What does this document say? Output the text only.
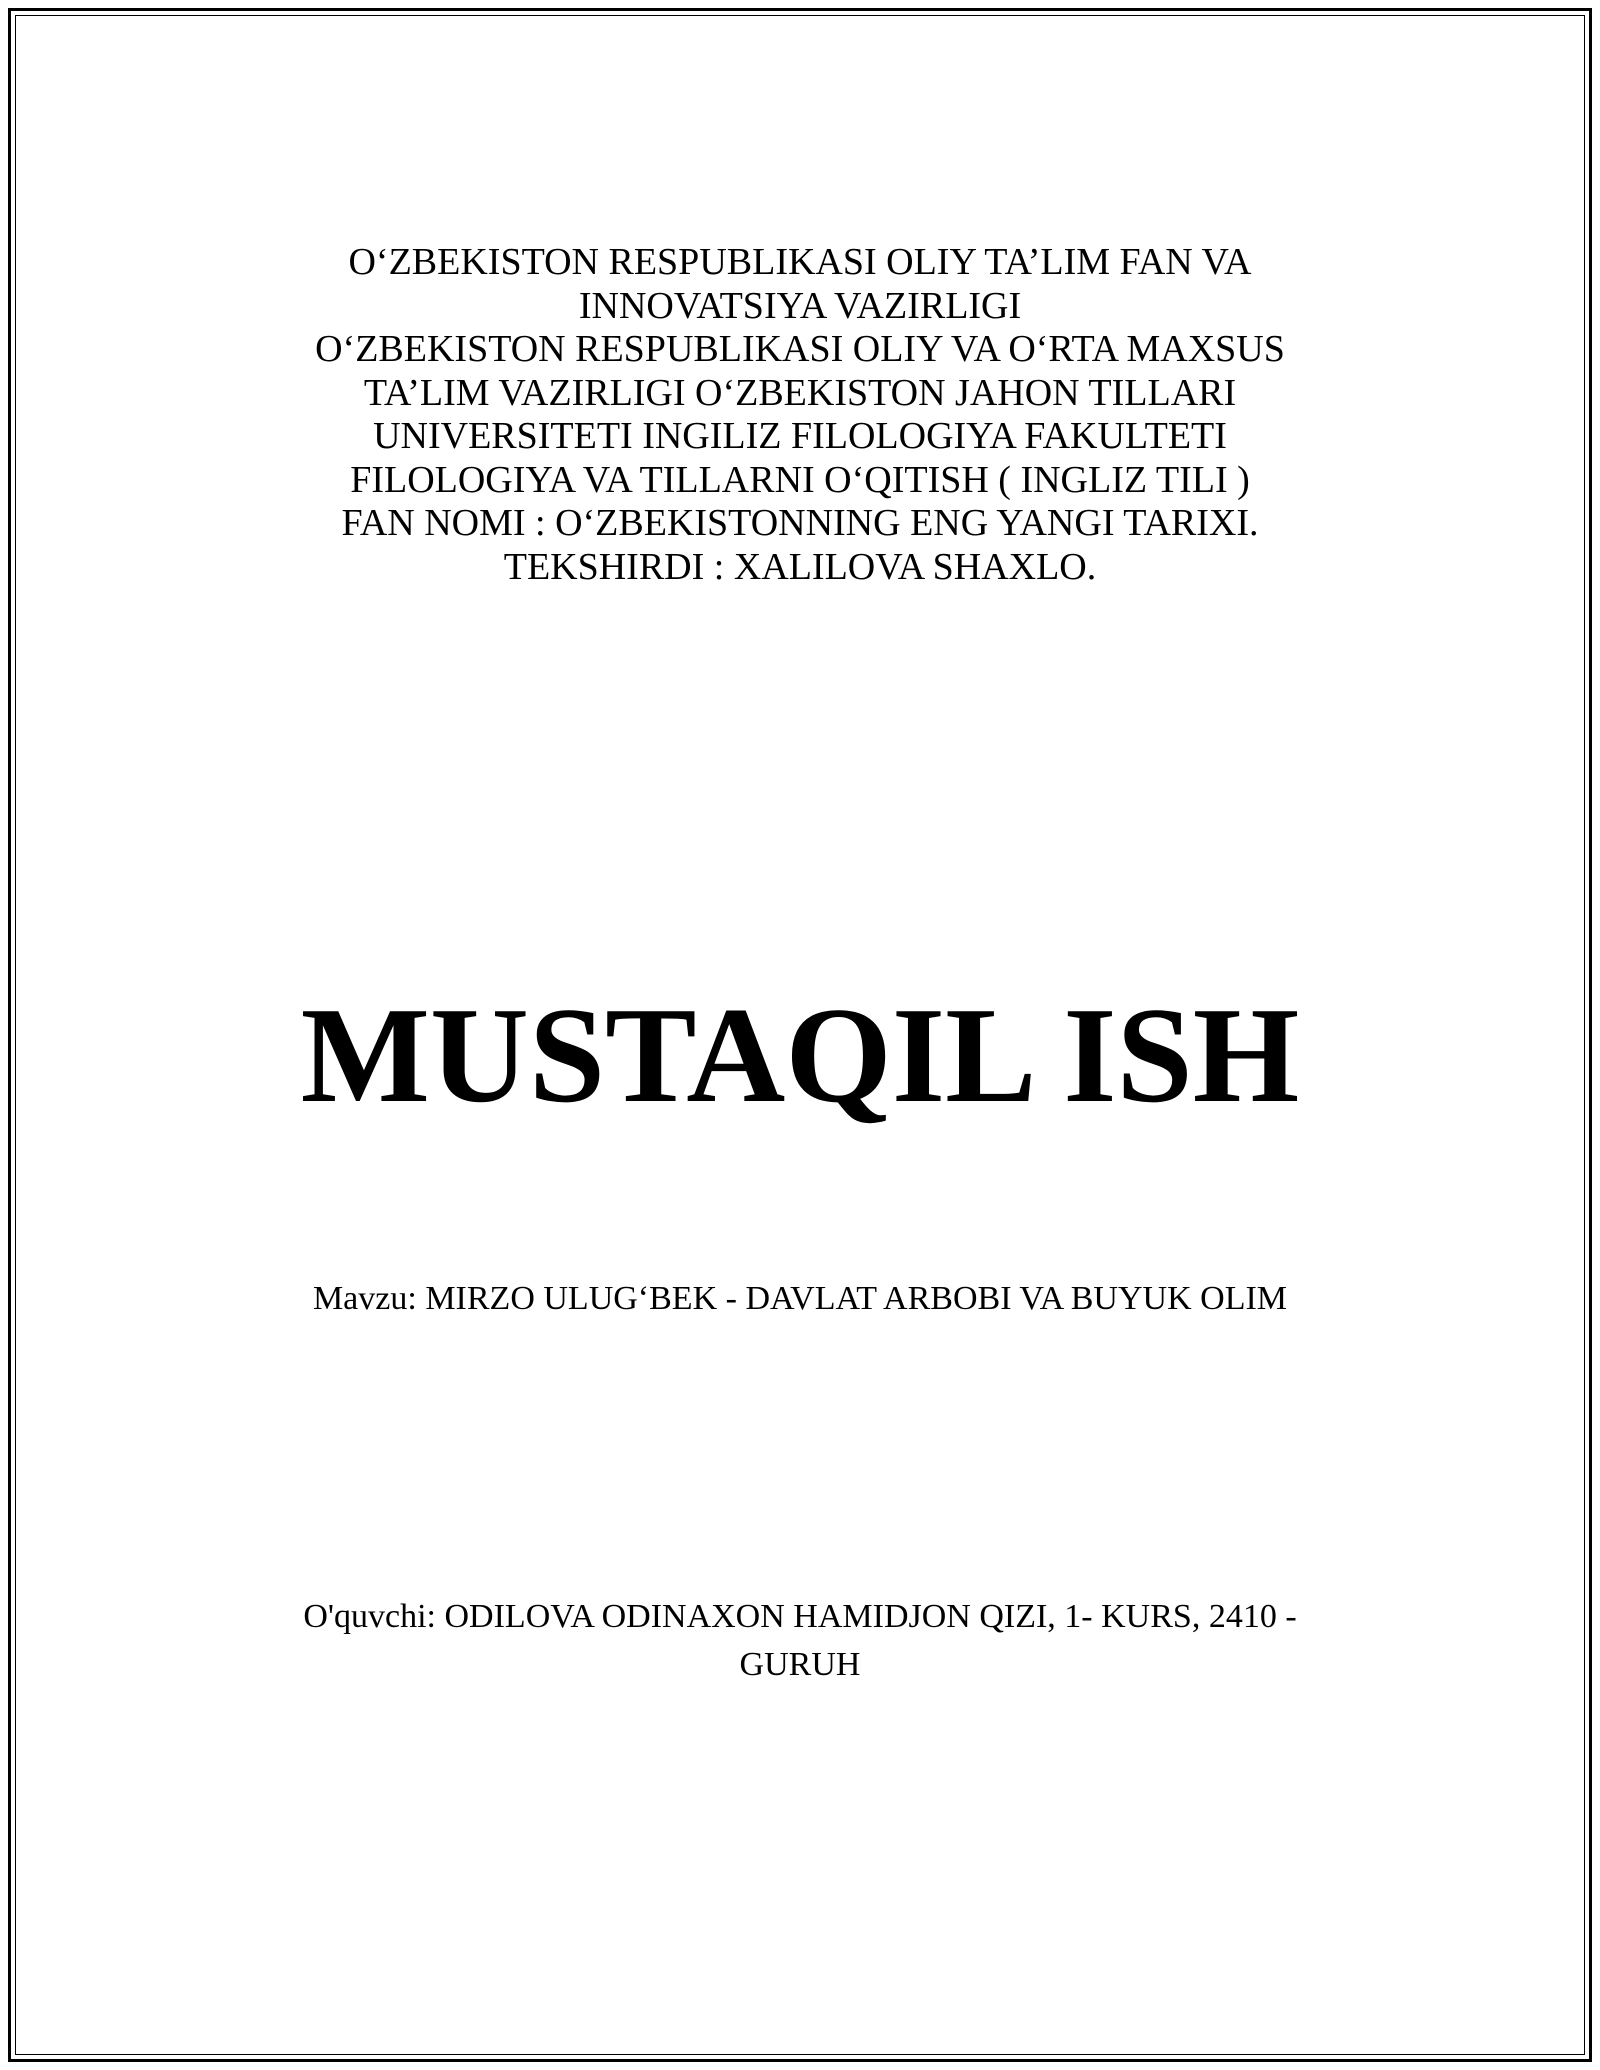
O‘ZBEKISTON RESPUBLIKASI OLIY TA’LIM FAN VA
INNOVATSIYA VAZIRLIGI
O‘ZBEKISTON RESPUBLIKASI OLIY VA O‘RTA MAXSUS
TA’LIM VAZIRLIGI O‘ZBEKISTON JAHON TILLARI
UNIVERSITETI INGILIZ FILOLOGIYA FAKULTETI
FILOLOGIYA VA TILLARNI O‘QITISH ( INGLIZ TILI )
FAN NOMI : O‘ZBEKISTONNING ENG YANGI TARIXI.
TEKSHIRDI : XALILOVA SHAXLO.
MUSTAQIL ISH
Mavzu: MIRZO ULUG‘BEK - DAVLAT ARBOBI VA BUYUK OLIM
O'quvchi: ODILOVA ODINAXON HAMIDJON QIZI, 1- KURS, 2410 -
GURUH
